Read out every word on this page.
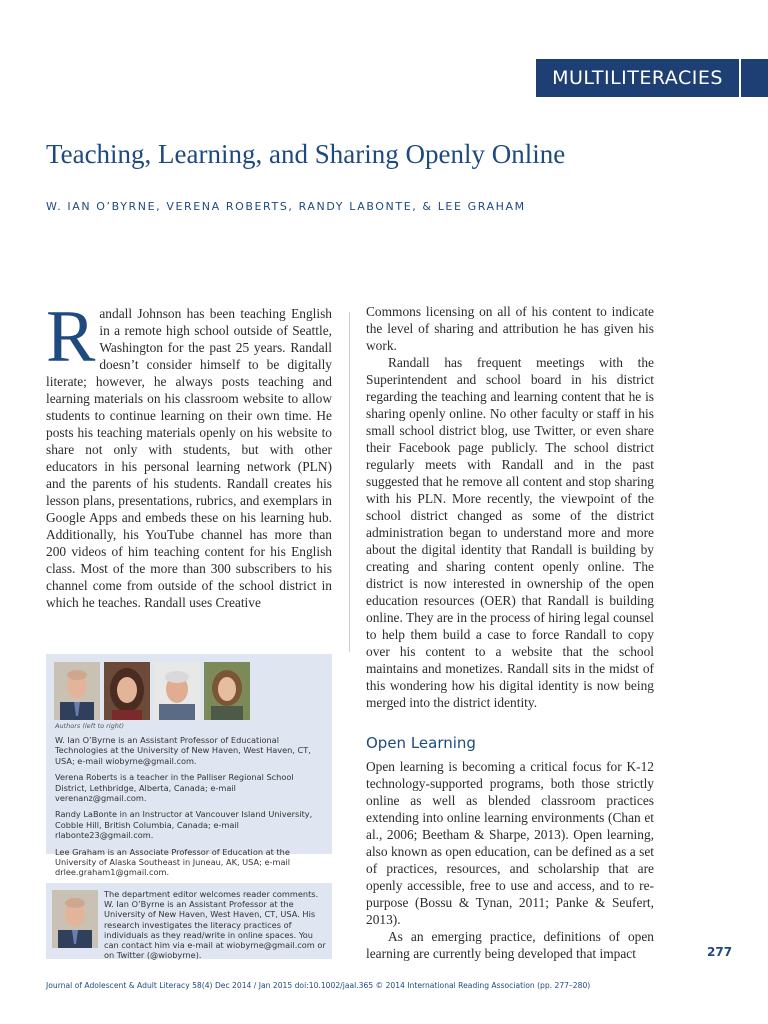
MULTILITERACIES
Teaching, Learning, and Sharing Openly Online
W. IAN O’BYRNE, VERENA ROBERTS, RANDY LABONTE, & LEE GRAHAM

Randall Johnson has been teaching English in a remote high school outside of Seattle, Washington for the past 25 years. Randall doesn’t consider himself to be digitally literate; however, he always posts teaching and learning materials on his classroom website to allow students to continue learning on their own time. He posts his teaching materials openly on his website to share not only with students, but with other educators in his personal learning network (PLN) and the parents of his students. Randall creates his lesson plans, presentations, rubrics, and exemplars in Google Apps and embeds these on his learning hub. Additionally, his YouTube channel has more than 200 videos of him teaching content for his English class. Most of the more than 300 subscribers to his channel come from outside of the school district in which he teaches. Randall uses Creative

Commons licensing on all of his content to indicate the level of sharing and attribution he has given his work.

Randall has frequent meetings with the Superintendent and school board in his district regarding the teaching and learning content that he is sharing openly online. No other faculty or staff in his small school district blog, use Twitter, or even share their Facebook page publicly. The school district regularly meets with Randall and in the past suggested that he remove all content and stop sharing with his PLN. More recently, the viewpoint of the school district changed as some of the district administration began to understand more and more about the digital identity that Randall is building by creating and sharing content openly online. The district is now interested in ownership of the open education resources (OER) that Randall is building online. They are in the process of hiring legal counsel to help them build a case to force Randall to copy over his content to a website that the school maintains and monetizes. Randall sits in the midst of this wondering how his digital identity is now being merged into the district identity.

Open Learning

Open learning is becoming a critical focus for K-12 technology-supported programs, both those strictly online as well as blended classroom practices extending into online learning environments (Chan et al., 2006; Beetham & Sharpe, 2013). Open learning, also known as open education, can be defined as a set of practices, resources, and scholarship that are openly accessible, free to use and access, and to re-purpose (Bossu & Tynan, 2011; Panke & Seufert, 2013).

As an emerging practice, definitions of open learning are currently being developed that impact

Authors (left to right)

W. Ian O’Byrne is an Assistant Professor of Educational Technologies at the University of New Haven, West Haven, CT, USA; e-mail wiobyrne@gmail.com.

Verena Roberts is a teacher in the Palliser Regional School District, Lethbridge, Alberta, Canada; e-mail verenanz@gmail.com.

Randy LaBonte in an Instructor at Vancouver Island University, Cobble Hill, British Columbia, Canada; e-mail rlabonte23@gmail.com.

Lee Graham is an Associate Professor of Education at the University of Alaska Southeast in Juneau, AK, USA; e-mail drlee.graham1@gmail.com.

The department editor welcomes reader comments. W. Ian O’Byrne is an Assistant Professor at the University of New Haven, West Haven, CT, USA. His research investigates the literacy practices of individuals as they read/write in online spaces. You can contact him via e-mail at wiobyrne@gmail.com or on Twitter (@wiobyrne).
Journal of Adolescent & Adult Literacy 58(4) Dec 2014 / Jan 2015 doi:10.1002/jaal.365 © 2014 International Reading Association (pp. 277–280)
277
